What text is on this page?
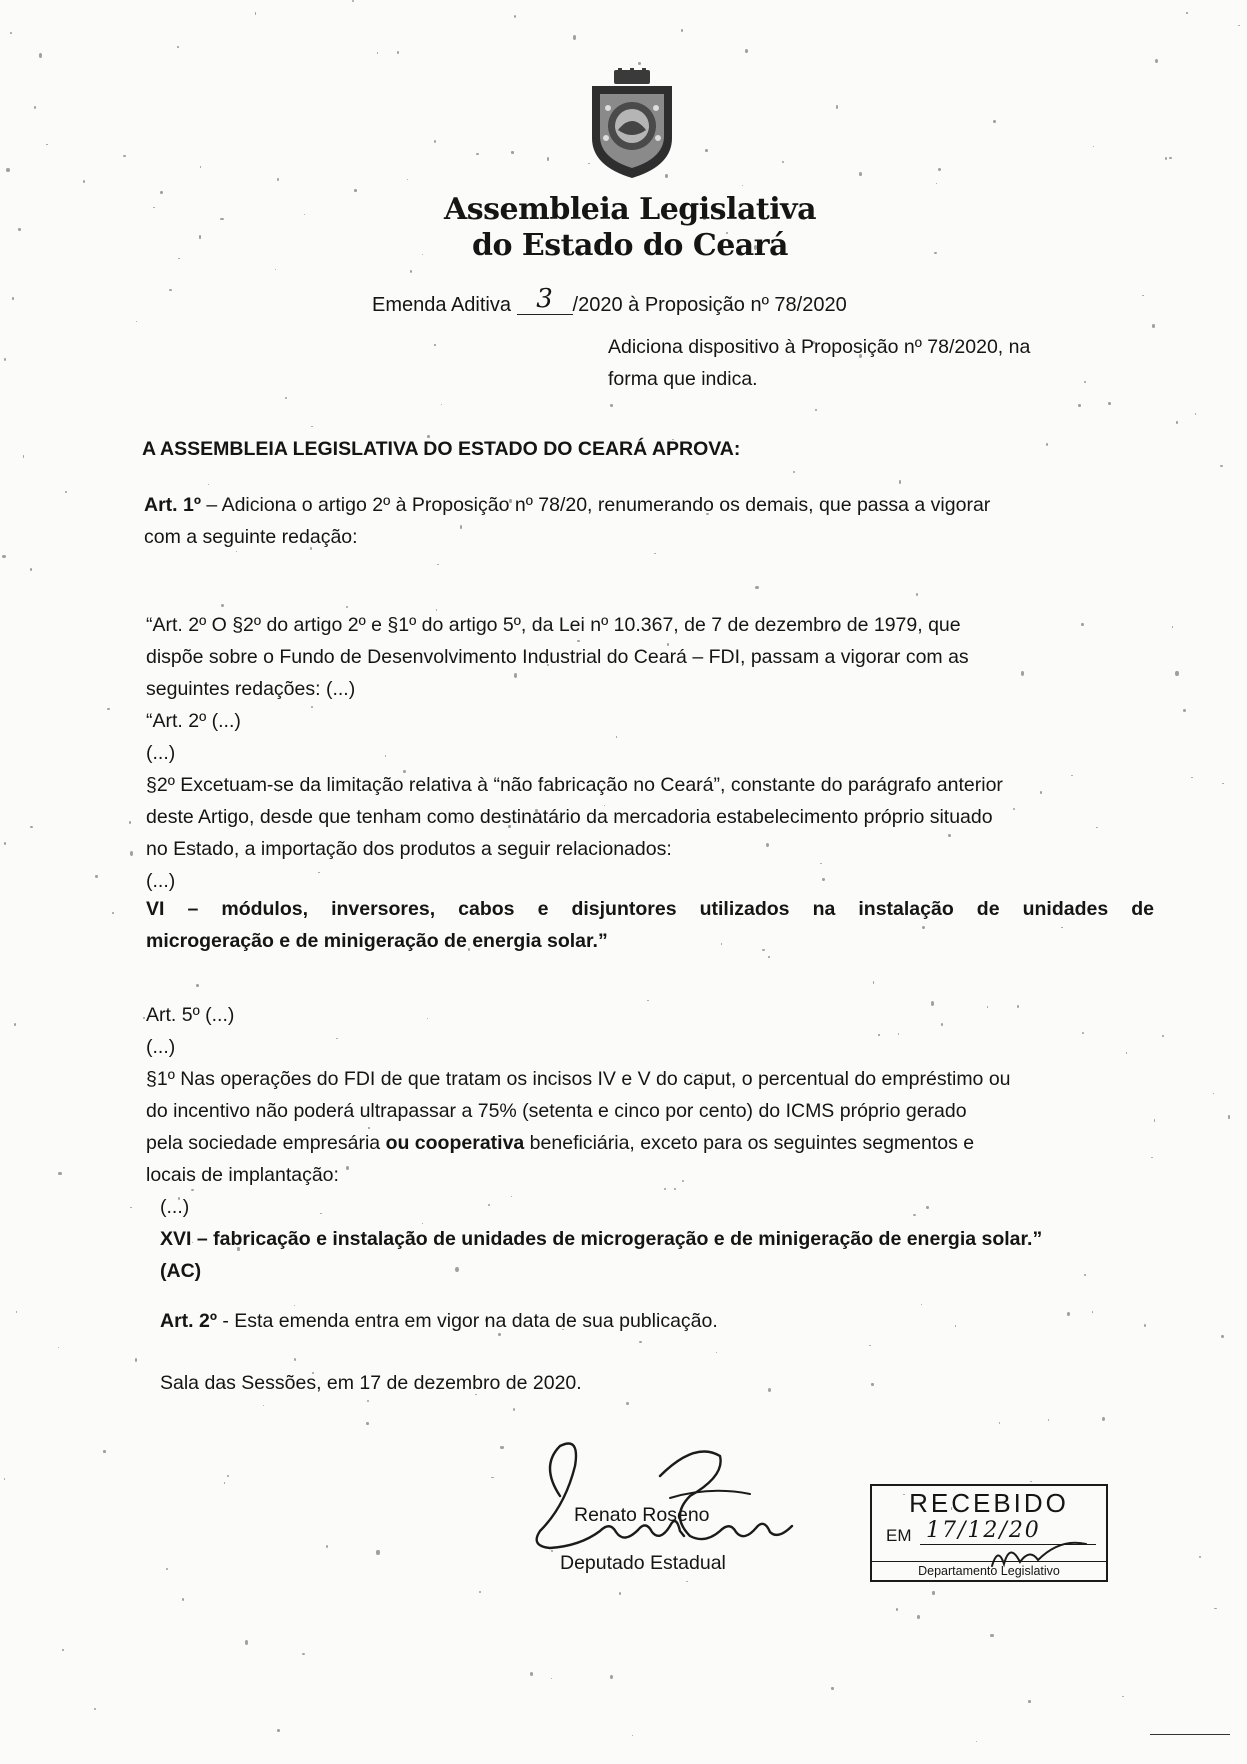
Assembleia Legislativa
do Estado do Ceará
Emenda Aditiva 3 /2020 à Proposição nº 78/2020
Adiciona dispositivo à Proposição nº 78/2020, na
forma que indica.
A ASSEMBLEIA LEGISLATIVA DO ESTADO DO CEARÁ APROVA:
Art. 1º – Adiciona o artigo 2º à Proposição nº 78/20, renumerando os demais, que passa a vigorar
com a seguinte redação:
“Art. 2º O §2º do artigo 2º e §1º do artigo 5º, da Lei nº 10.367, de 7 de dezembro de 1979, que
dispõe sobre o Fundo de Desenvolvimento Industrial do Ceará – FDI, passam a vigorar com as
seguintes redações: (...)
“Art. 2º (...)
(...)
§2º Excetuam-se da limitação relativa à “não fabricação no Ceará”, constante do parágrafo anterior
deste Artigo, desde que tenham como destinatário da mercadoria estabelecimento próprio situado
no Estado, a importação dos produtos a seguir relacionados:
(...)
VI – módulos, inversores, cabos e disjuntores utilizados na instalação de unidades de
microgeração e de minigeração de energia solar.”
Art. 5º (...)
(...)
§1º Nas operações do FDI de que tratam os incisos IV e V do caput, o percentual do empréstimo ou
do incentivo não poderá ultrapassar a 75% (setenta e cinco por cento) do ICMS próprio gerado
pela sociedade empresária ou cooperativa beneficiária, exceto para os seguintes segmentos e
locais de implantação:
(...)
XVI – fabricação e instalação de unidades de microgeração e de minigeração de energia solar.”
(AC)
Art. 2º - Esta emenda entra em vigor na data de sua publicação.
Sala das Sessões, em 17 de dezembro de 2020.
Renato Roseno
Deputado Estadual
RECEBIDO
EM 17/12/20
Departamento Legislativo
